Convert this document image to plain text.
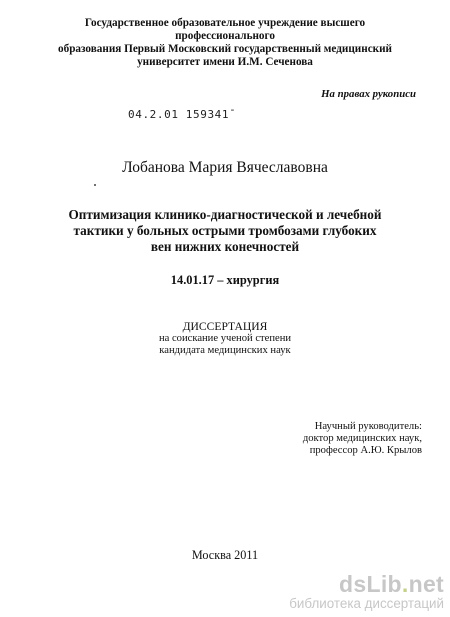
Государственное образовательное учреждение высшего профессионального
образования Первый Московский государственный медицинский
университет имени И.М. Сеченова
На правах рукописи
04.2.01 159341-
Лобанова Мария Вячеславовна
Оптимизация клинико-диагностической и лечебной
тактики у больных острыми тромбозами глубоких
вен нижних конечностей
14.01.17 – хирургия
ДИССЕРТАЦИЯ
на соискание ученой степени
кандидата медицинских наук
Научный руководитель:
доктор медицинских наук,
профессор А.Ю. Крылов
Москва 2011
dsLib.net
библиотека диссертаций
